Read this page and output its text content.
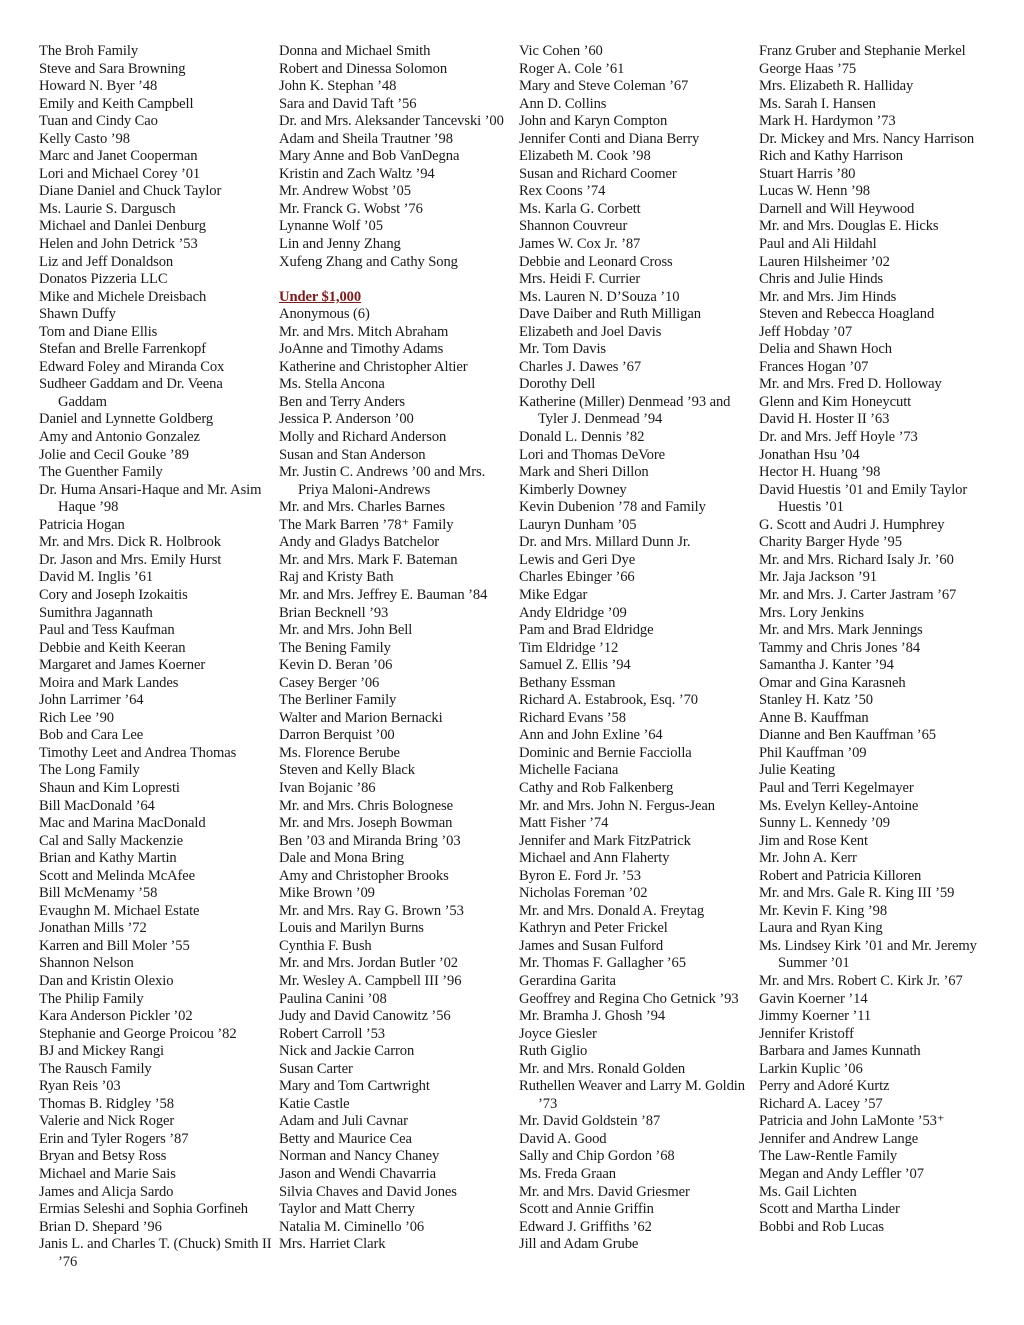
The Broh Family
Steve and Sara Browning
Howard N. Byer ’48
Emily and Keith Campbell
Tuan and Cindy Cao
Kelly Casto ’98
Marc and Janet Cooperman
Lori and Michael Corey ’01
Diane Daniel and Chuck Taylor
Ms. Laurie S. Dargusch
Michael and Danlei Denburg
Helen and John Detrick ’53
Liz and Jeff Donaldson
Donatos Pizzeria LLC
Mike and Michele Dreisbach
Shawn Duffy
Tom and Diane Ellis
Stefan and Brelle Farrenkopf
Edward Foley and Miranda Cox
Sudheer Gaddam and Dr. Veena Gaddam
Daniel and Lynnette Goldberg
Amy and Antonio Gonzalez
Jolie and Cecil Gouke ’89
The Guenther Family
Dr. Huma Ansari-Haque and Mr. Asim Haque ’98
Patricia Hogan
Mr. and Mrs. Dick R. Holbrook
Dr. Jason and Mrs. Emily Hurst
David M. Inglis ’61
Cory and Joseph Izokaitis
Sumithra Jagannath
Paul and Tess Kaufman
Debbie and Keith Keeran
Margaret and James Koerner
Moira and Mark Landes
John Larrimer ’64
Rich Lee ’90
Bob and Cara Lee
Timothy Leet and Andrea Thomas
The Long Family
Shaun and Kim Lopresti
Bill MacDonald ’64
Mac and Marina MacDonald
Cal and Sally Mackenzie
Brian and Kathy Martin
Scott and Melinda McAfee
Bill McMenamy ’58
Evaughn M. Michael Estate
Jonathan Mills ’72
Karren and Bill Moler ’55
Shannon Nelson
Dan and Kristin Olexio
The Philip Family
Kara Anderson Pickler ’02
Stephanie and George Proicou ’82
BJ and Mickey Rangi
The Rausch Family
Ryan Reis ’03
Thomas B. Ridgley ’58
Valerie and Nick Roger
Erin and Tyler Rogers ’87
Bryan and Betsy Ross
Michael and Marie Sais
James and Alicja Sardo
Ermias Seleshi and Sophia Gorfineh
Brian D. Shepard ’96
Janis L. and Charles T. (Chuck) Smith II ’76
Donna and Michael Smith
Robert and Dinessa Solomon
John K. Stephan ’48
Sara and David Taft ’56
Dr. and Mrs. Aleksander Tancevski ’00
Adam and Sheila Trautner ’98
Mary Anne and Bob VanDegna
Kristin and Zach Waltz ’94
Mr. Andrew Wobst ’05
Mr. Franck G. Wobst ’76
Lynanne Wolf ’05
Lin and Jenny Zhang
Xufeng Zhang and Cathy Song
Under $1,000
Anonymous (6)
Mr. and Mrs. Mitch Abraham
JoAnne and Timothy Adams
Katherine and Christopher Altier
Ms. Stella Ancona
Ben and Terry Anders
Jessica P. Anderson ’00
Molly and Richard Anderson
Susan and Stan Anderson
Mr. Justin C. Andrews ’00 and Mrs. Priya Maloni-Andrews
Mr. and Mrs. Charles Barnes
The Mark Barren ’78⁺ Family
Andy and Gladys Batchelor
Mr. and Mrs. Mark F. Bateman
Raj and Kristy Bath
Mr. and Mrs. Jeffrey E. Bauman ’84
Brian Becknell ’93
Mr. and Mrs. John Bell
The Bening Family
Kevin D. Beran ’06
Casey Berger ’06
The Berliner Family
Walter and Marion Bernacki
Darron Berquist ’00
Ms. Florence Berube
Steven and Kelly Black
Ivan Bojanic ’86
Mr. and Mrs. Chris Bolognese
Mr. and Mrs. Joseph Bowman
Ben ’03 and Miranda Bring ’03
Dale and Mona Bring
Amy and Christopher Brooks
Mike Brown ’09
Mr. and Mrs. Ray G. Brown ’53
Louis and Marilyn Burns
Cynthia F. Bush
Mr. and Mrs. Jordan Butler ’02
Mr. Wesley A. Campbell III ’96
Paulina Canini ’08
Judy and David Canowitz ’56
Robert Carroll ’53
Nick and Jackie Carron
Susan Carter
Mary and Tom Cartwright
Katie Castle
Adam and Juli Cavnar
Betty and Maurice Cea
Norman and Nancy Chaney
Jason and Wendi Chavarria
Silvia Chaves and David Jones
Taylor and Matt Cherry
Natalia M. Ciminello ’06
Mrs. Harriet Clark
Vic Cohen ’60
Roger A. Cole ’61
Mary and Steve Coleman ’67
Ann D. Collins
John and Karyn Compton
Jennifer Conti and Diana Berry
Elizabeth M. Cook ’98
Susan and Richard Coomer
Rex Coons ’74
Ms. Karla G. Corbett
Shannon Couvreur
James W. Cox Jr. ’87
Debbie and Leonard Cross
Mrs. Heidi F. Currier
Ms. Lauren N. D’Souza ’10
Dave Daiber and Ruth Milligan
Elizabeth and Joel Davis
Mr. Tom Davis
Charles J. Dawes ’67
Dorothy Dell
Katherine (Miller) Denmead ’93 and Tyler J. Denmead ’94
Donald L. Dennis ’82
Lori and Thomas DeVore
Mark and Sheri Dillon
Kimberly Downey
Kevin Dubenion ’78 and Family
Lauryn Dunham ’05
Dr. and Mrs. Millard Dunn Jr.
Lewis and Geri Dye
Charles Ebinger ’66
Mike Edgar
Andy Eldridge ’09
Pam and Brad Eldridge
Tim Eldridge ’12
Samuel Z. Ellis ’94
Bethany Essman
Richard A. Estabrook, Esq. ’70
Richard Evans ’58
Ann and John Exline ’64
Dominic and Bernie Facciolla
Michelle Faciana
Cathy and Rob Falkenberg
Mr. and Mrs. John N. Fergus-Jean
Matt Fisher ’74
Jennifer and Mark FitzPatrick
Michael and Ann Flaherty
Byron E. Ford Jr. ’53
Nicholas Foreman ’02
Mr. and Mrs. Donald A. Freytag
Kathryn and Peter Frickel
James and Susan Fulford
Mr. Thomas F. Gallagher ’65
Gerardina Garita
Geoffrey and Regina Cho Getnick ’93
Mr. Bramha J. Ghosh ’94
Joyce Giesler
Ruth Giglio
Mr. and Mrs. Ronald Golden
Ruthellen Weaver and Larry M. Goldin ’73
Mr. David Goldstein ’87
David A. Good
Sally and Chip Gordon ’68
Ms. Freda Graan
Mr. and Mrs. David Griesmer
Scott and Annie Griffin
Edward J. Griffiths ’62
Jill and Adam Grube
Franz Gruber and Stephanie Merkel
George Haas ’75
Mrs. Elizabeth R. Halliday
Ms. Sarah I. Hansen
Mark H. Hardymon ’73
Dr. Mickey and Mrs. Nancy Harrison
Rich and Kathy Harrison
Stuart Harris ’80
Lucas W. Henn ’98
Darnell and Will Heywood
Mr. and Mrs. Douglas E. Hicks
Paul and Ali Hildahl
Lauren Hilsheimer ’02
Chris and Julie Hinds
Mr. and Mrs. Jim Hinds
Steven and Rebecca Hoagland
Jeff Hobday ’07
Delia and Shawn Hoch
Frances Hogan ’07
Mr. and Mrs. Fred D. Holloway
Glenn and Kim Honeycutt
David H. Hoster II ’63
Dr. and Mrs. Jeff Hoyle ’73
Jonathan Hsu ’04
Hector H. Huang ’98
David Huestis ’01 and Emily Taylor Huestis ’01
G. Scott and Audri J. Humphrey
Charity Barger Hyde ’95
Mr. and Mrs. Richard Isaly Jr. ’60
Mr. Jaja Jackson ’91
Mr. and Mrs. J. Carter Jastram ’67
Mrs. Lory Jenkins
Mr. and Mrs. Mark Jennings
Tammy and Chris Jones ’84
Samantha J. Kanter ’94
Omar and Gina Karasneh
Stanley H. Katz ’50
Anne B. Kauffman
Dianne and Ben Kauffman ’65
Phil Kauffman ’09
Julie Keating
Paul and Terri Kegelmayer
Ms. Evelyn Kelley-Antoine
Sunny L. Kennedy ’09
Jim and Rose Kent
Mr. John A. Kerr
Robert and Patricia Killoren
Mr. and Mrs. Gale R. King III ’59
Mr. Kevin F. King ’98
Laura and Ryan King
Ms. Lindsey Kirk ’01 and Mr. Jeremy Summer ’01
Mr. and Mrs. Robert C. Kirk Jr. ’67
Gavin Koerner ’14
Jimmy Koerner ’11
Jennifer Kristoff
Barbara and James Kunnath
Larkin Kuplic ’06
Perry and Adoré Kurtz
Richard A. Lacey ’57
Patricia and John LaMonte ’53⁺
Jennifer and Andrew Lange
The Law-Rentle Family
Megan and Andy Leffler ’07
Ms. Gail Lichten
Scott and Martha Linder
Bobbi and Rob Lucas
